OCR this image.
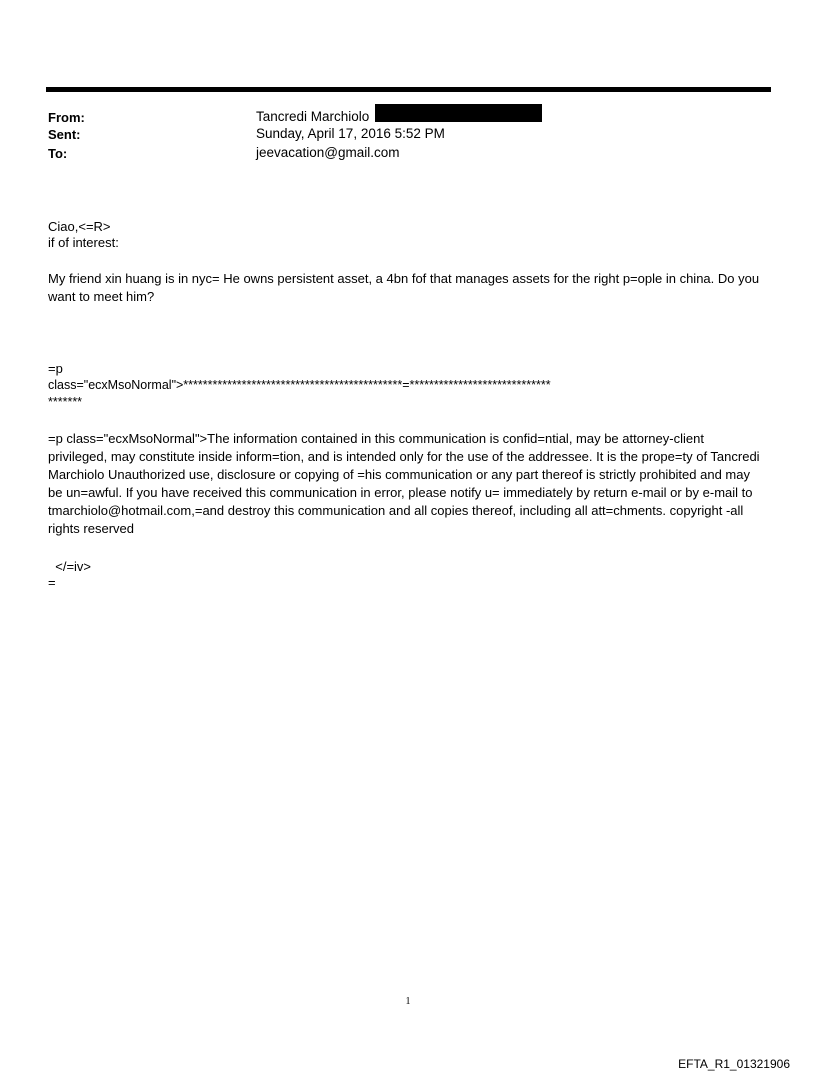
From:	Tancredi Marchiolo
Sent:	Sunday, April 17, 2016 5:52 PM
To:	jeevacation@gmail.com
Ciao,<=R>
if of interest:
My friend xin huang is in nyc= He owns persistent asset, a 4bn fof that manages assets for the right p=ople in china. Do you want to meet him?
=p
class="ecxMsoNormal">*********************************************=*****************************
*******
=p class="ecxMsoNormal">The information contained in this communication is confid=ntial, may be attorney-client privileged, may constitute inside inform=tion, and is intended only for the use of the addressee. It is the prope=ty of Tancredi Marchiolo Unauthorized use, disclosure or copying of =his communication or any part thereof is strictly prohibited and may be un=awful. If you have received this communication in error, please notify u= immediately by return e-mail or by e-mail to tmarchiolo@hotmail.com,=and destroy this communication and all copies thereof, including all att=chments. copyright -all rights reserved
</=iv>
=
1
EFTA_R1_01321906
